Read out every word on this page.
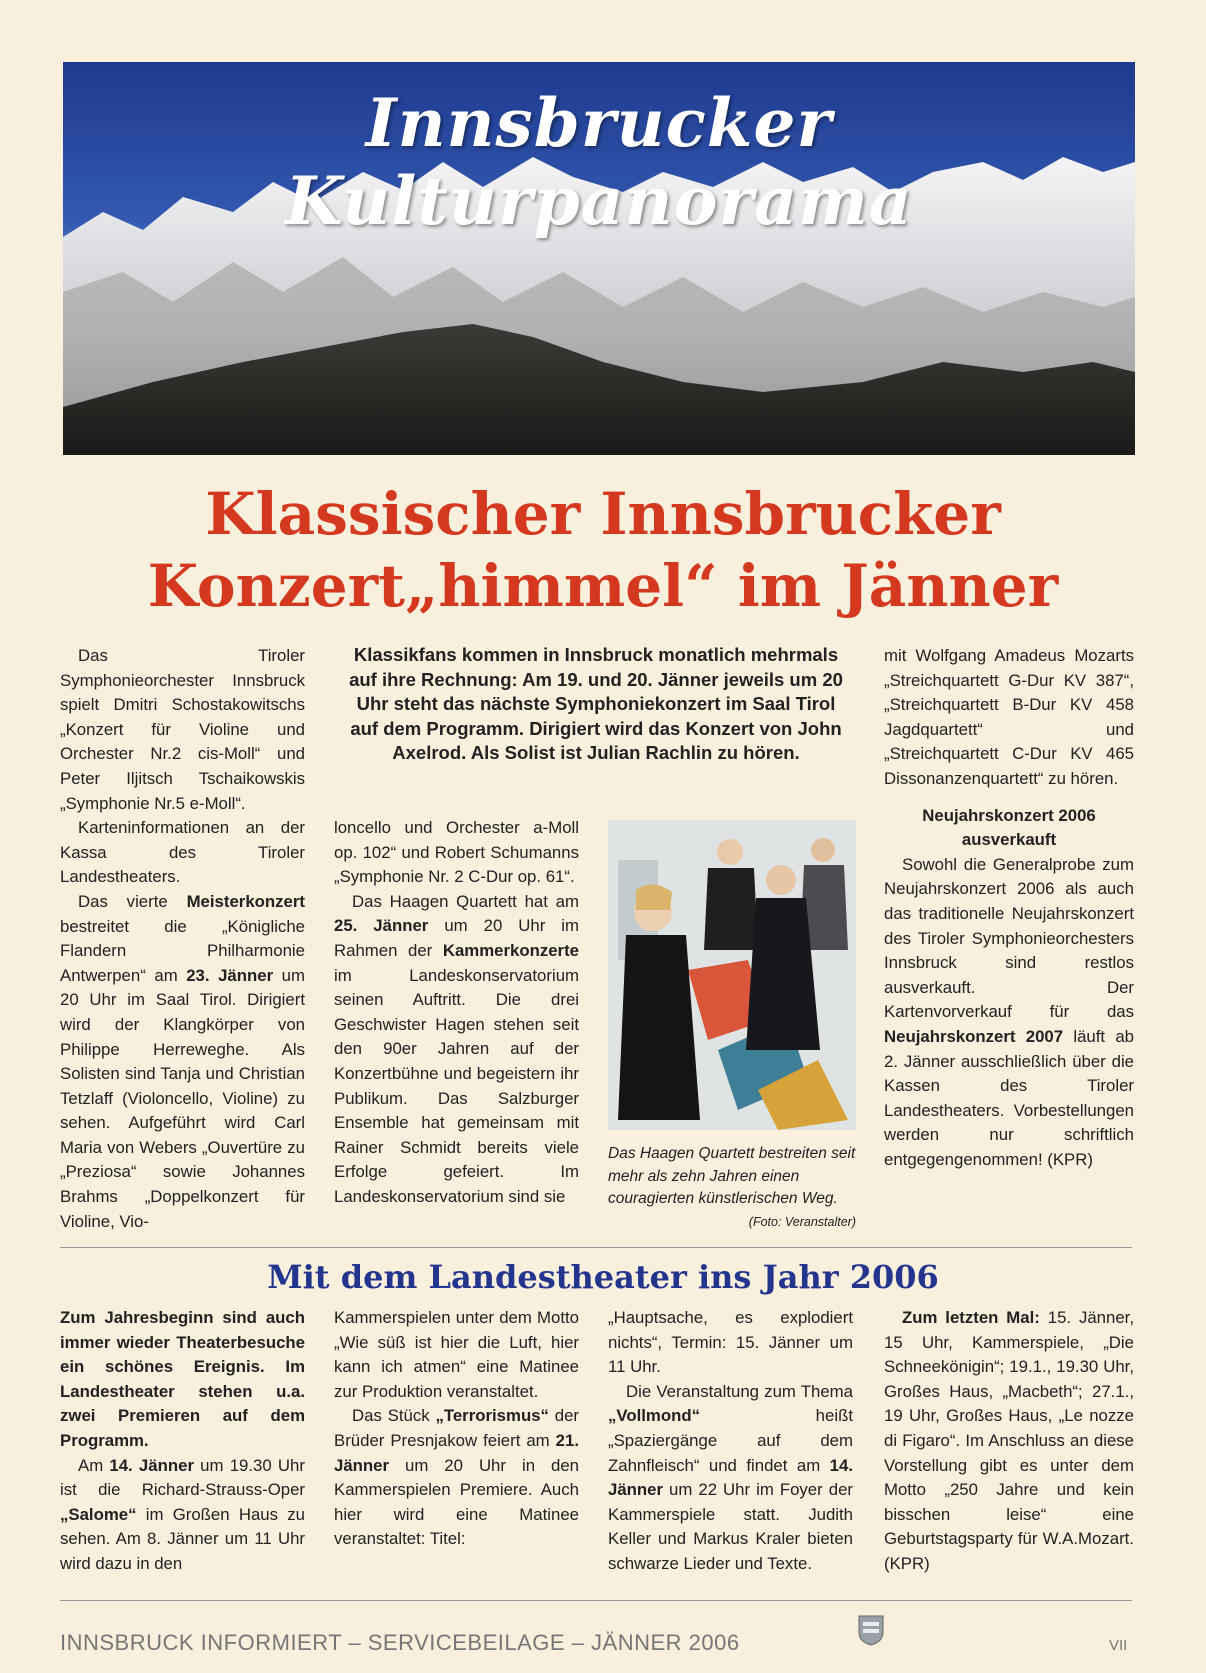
Innsbrucker Kulturpanorama
Klassischer Innsbrucker
Konzert„himmel“ im Jänner

Das Tiroler Symphonieorchester Innsbruck spielt Dmitri Schostakowitschs „Konzert für Violine und Orchester Nr.2 cis-Moll“ und Peter Iljitsch Tschaikowskis „Symphonie Nr.5 e-Moll“.

Karteninformationen an der Kassa des Tiroler Landestheaters.

Das vierte Meisterkonzert bestreitet die „Königliche Flandern Philharmonie Antwerpen“ am 23. Jänner um 20 Uhr im Saal Tirol. Dirigiert wird der Klangkörper von Philippe Herreweghe. Als Solisten sind Tanja und Christian Tetzlaff (Violoncello, Violine) zu sehen. Aufgeführt wird Carl Maria von Webers „Ouvertüre zu „Preziosa“ sowie Johannes Brahms „Doppelkonzert für Violine, Vio-

Klassikfans kommen in Innsbruck monatlich mehrmals auf ihre Rechnung: Am 19. und 20. Jänner jeweils um 20 Uhr steht das nächste Symphoniekonzert im Saal Tirol auf dem Programm. Dirigiert wird das Konzert von John Axelrod. Als Solist ist Julian Rachlin zu hören.

loncello und Orchester a-Moll op. 102“ und Robert Schumanns „Symphonie Nr. 2 C-Dur op. 61“.

Das Haagen Quartett hat am 25. Jänner um 20 Uhr im Rahmen der Kammerkonzerte im Landeskonservatorium seinen Auftritt. Die drei Geschwister Hagen stehen seit den 90er Jahren auf der Konzertbühne und begeistern ihr Publikum. Das Salzburger Ensemble hat gemeinsam mit Rainer Schmidt bereits viele Erfolge gefeiert. Im Landeskonservatorium sind sie

Das Haagen Quartett bestreiten seit mehr als zehn Jahren einen couragierten künstlerischen Weg.
(Foto: Veranstalter)

mit Wolfgang Amadeus Mozarts „Streichquartett G-Dur KV 387“, „Streichquartett B-Dur KV 458 Jagdquartett“ und „Streichquartett C-Dur KV 465 Dissonanzenquartett“ zu hören.

Neujahrskonzert 2006 ausverkauft

Sowohl die Generalprobe zum Neujahrskonzert 2006 als auch das traditionelle Neujahrskonzert des Tiroler Symphonieorchesters Innsbruck sind restlos ausverkauft. Der Kartenvorverkauf für das Neujahrskonzert 2007 läuft ab 2. Jänner ausschließlich über die Kassen des Tiroler Landestheaters. Vorbestellungen werden nur schriftlich entgegengenommen! (KPR)

Mit dem Landestheater ins Jahr 2006

Zum Jahresbeginn sind auch immer wieder Theaterbesuche ein schönes Ereignis. Im Landestheater stehen u.a. zwei Premieren auf dem Programm.

Am 14. Jänner um 19.30 Uhr ist die Richard-Strauss-Oper „Salome“ im Großen Haus zu sehen. Am 8. Jänner um 11 Uhr wird dazu in den

Kammerspielen unter dem Motto „Wie süß ist hier die Luft, hier kann ich atmen“ eine Matinee zur Produktion veranstaltet.

Das Stück „Terrorismus“ der Brüder Presnjakow feiert am 21. Jänner um 20 Uhr in den Kammerspielen Premiere. Auch hier wird eine Matinee veranstaltet: Titel:

„Hauptsache, es explodiert nichts“, Termin: 15. Jänner um 11 Uhr.

Die Veranstaltung zum Thema „Vollmond“ heißt „Spaziergänge auf dem Zahnfleisch“ und findet am 14. Jänner um 22 Uhr im Foyer der Kammerspiele statt. Judith Keller und Markus Kraler bieten schwarze Lieder und Texte.

Zum letzten Mal: 15. Jänner, 15 Uhr, Kammerspiele, „Die Schneekönigin“; 19.1., 19.30 Uhr, Großes Haus, „Macbeth“; 27.1., 19 Uhr, Großes Haus, „Le nozze di Figaro“. Im Anschluss an diese Vorstellung gibt es unter dem Motto „250 Jahre und kein bisschen leise“ eine Geburtstagsparty für W.A.Mozart. (KPR)

INNSBRUCK INFORMIERT – SERVICEBEILAGE – JÄNNER 2006	VII
